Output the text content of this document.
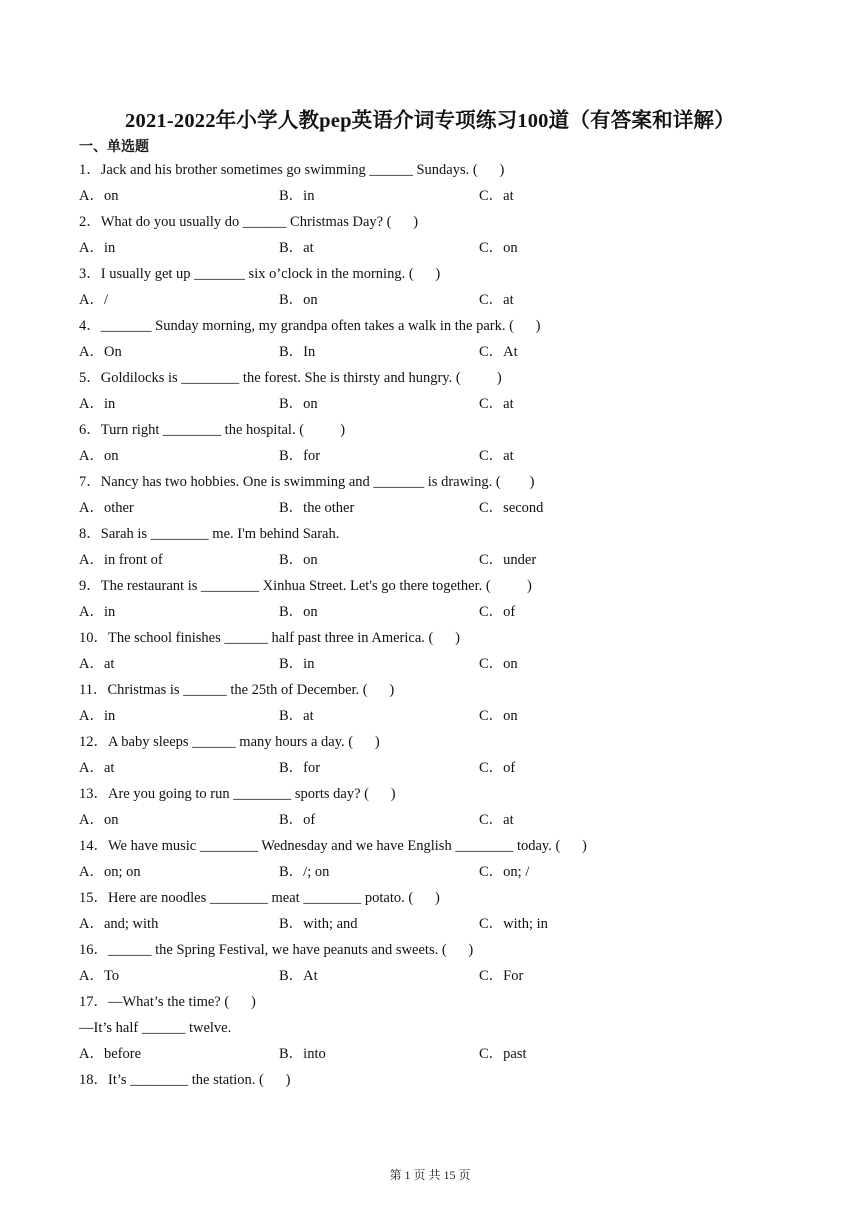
2021-2022年小学人教pep英语介词专项练习100道（有答案和详解）
一、单选题
1．Jack and his brother sometimes go swimming ______ Sundays. (      )
A．on	B．in	C．at
2．What do you usually do ______ Christmas Day? (      )
A．in	B．at	C．on
3．I usually get up _______ six o’clock in the morning. (      )
A．/	B．on	C．at
4．_______ Sunday morning, my grandpa often takes a walk in the park. (      )
A．On	B．In	C．At
5．Goldilocks is ________ the forest. She is thirsty and hungry. (          )
A．in	B．on	C．at
6．Turn right ________ the hospital. (          )
A．on	B．for	C．at
7．Nancy has two hobbies. One is swimming and _______ is drawing. (        )
A．other	B．the other	C．second
8．Sarah is ________ me. I'm behind Sarah.
A．in front of	B．on	C．under
9．The restaurant is ________ Xinhua Street. Let's go there together. (          )
A．in	B．on	C．of
10．The school finishes ______ half past three in America. (      )
A．at	B．in	C．on
11．Christmas is ______ the 25th of December. (      )
A．in	B．at	C．on
12．A baby sleeps ______ many hours a day. (      )
A．at	B．for	C．of
13．Are you going to run ________ sports day? (      )
A．on	B．of	C．at
14．We have music ________ Wednesday and we have English ________ today. (      )
A．on; on	B．/; on	C．on; /
15．Here are noodles ________ meat ________ potato. (      )
A．and; with	B．with; and	C．with; in
16．______ the Spring Festival, we have peanuts and sweets. (      )
A．To	B．At	C．For
17．—What’s the time? (      )
—It’s half ______ twelve.
A．before	B．into	C．past
18．It’s ________ the station. (      )
第 1 页 共 15 页
